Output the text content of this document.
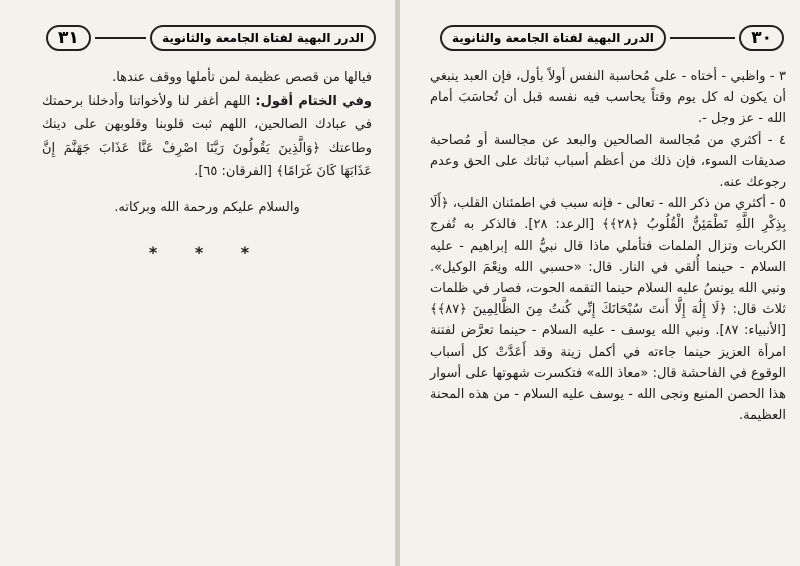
٣١	الدرر البهية لفتاة الجامعة والثانوية

فيالها من قصص عظيمة لمن تأملها ووقف عندها.

وفي الختام أقول: اللهم أغفر لنا ولأخواتنا وأدخلنا برحمتك في عبادك الصالحين، اللهم ثبت قلوبنا وقلوبهن على دينك وطاعتك ﴿وَالَّذِينَ يَقُولُونَ رَبَّنَا اصْرِفْ عَنَّا عَذَابَ جَهَنَّمَ إِنَّ عَذَابَهَا كَانَ غَرَامًا﴾ [الفرقان: ٦٥].

والسلام عليكم ورحمة الله وبركاته.

* * *

الدرر البهية لفتاة الجامعة والثانوية	٣٠

٣ - واظبي - أختاه - على مُحاسبة النفس أولاً بأول، فإن العبد ينبغي أن يكون له كل يوم وقتاً يحاسب فيه نفسه قبل أن تُحاسَبَ أمام الله - عز وجل -.

٤ - أكثري من مُجالسة الصالحين والبعد عن مجالسة أو مُصاحبة صديقات السوء، فإن ذلك من أعظم أسباب ثباتك على الحق وعدم رجوعك عنه.

٥ - أكثري من ذكر الله - تعالى - فإنه سبب في اطمئنان القلب، ﴿أَلَا بِذِكْرِ اللَّهِ تَطْمَئِنُّ الْقُلُوبُ ﴿٢٨﴾﴾ [الرعد: ٢٨]. فالذكر به تُفرج الكربات وتزال الملمات فتأملي ماذا قال نبيُّ الله إبراهيم - عليه السلام - حينما أُلقي في النار. قال: «حسبي الله ونِعْمَ الوكيل». ونبي الله يونسُ عليه السلام حينما التقمه الحوت، فصار في ظلمات ثلاث قال: ﴿لَا إِلَٰهَ إِلَّا أَنتَ سُبْحَانَكَ إِنِّي كُنتُ مِنَ الظَّالِمِينَ ﴿٨٧﴾﴾ [الأنبياء: ٨٧]. ونبي الله يوسف - عليه السلام - حينما تعرَّض لفتنة امرأة العزيز حينما جاءته في أكمل زينة وقد أَعَدَّتْ كل أسباب الوقوع في الفاحشة قال: «معاذ الله» فتكسرت شهوتها على أسوار هذا الحصن المنيع ونجى الله - يوسف عليه السلام - من هذه المحنة العظيمة.
